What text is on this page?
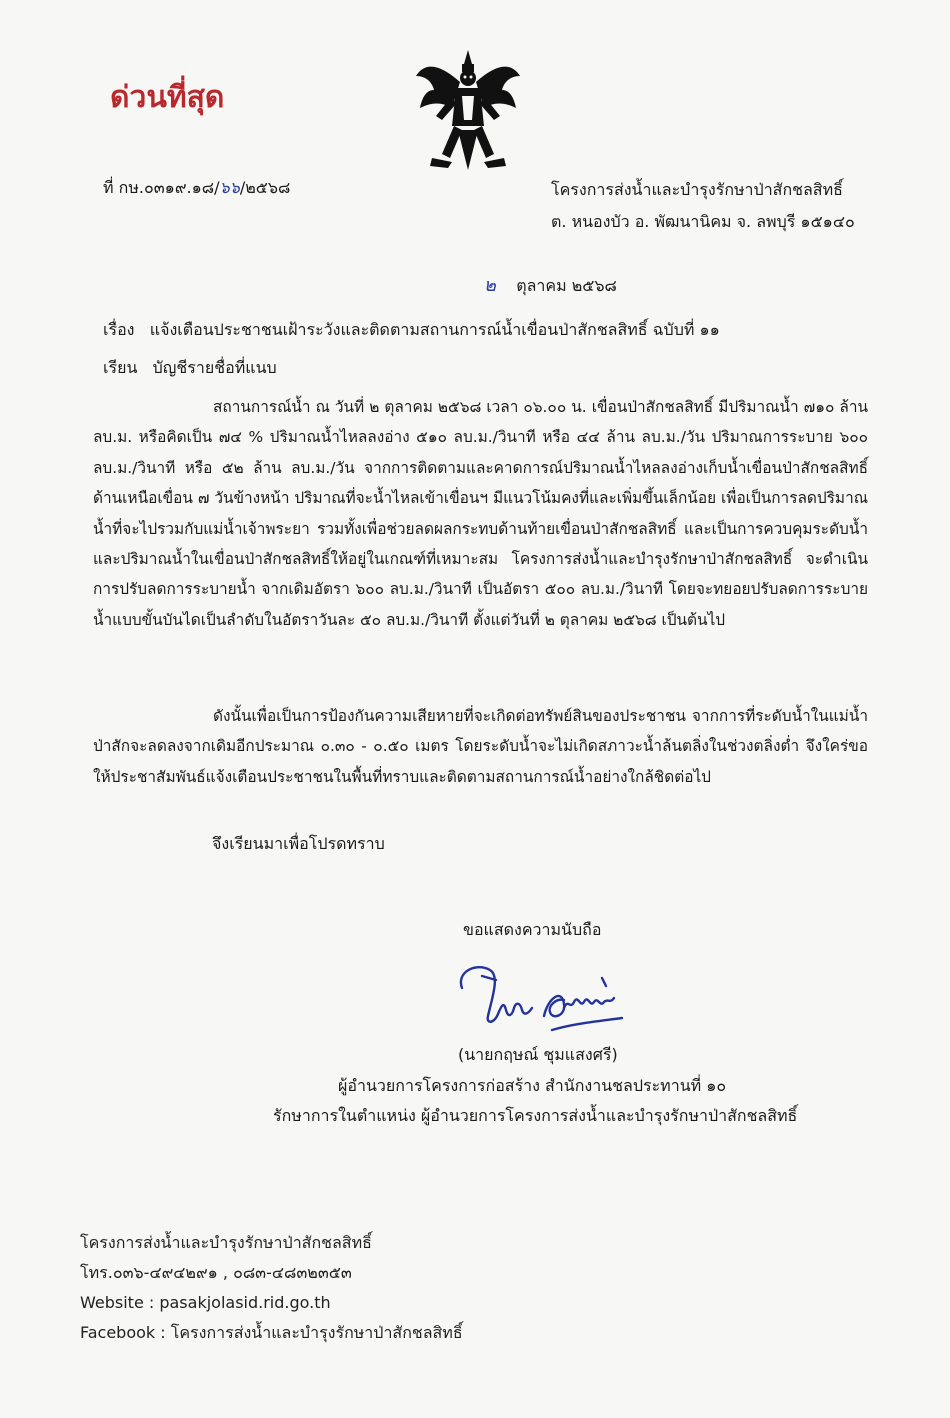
ด่วนที่สุด
ที่ กษ.๐๓๑๙.๑๘/๖๖/๒๕๖๘	โครงการส่งน้ำและบำรุงรักษาป่าสักชลสิทธิ์
ต. หนองบัว อ. พัฒนานิคม จ. ลพบุรี ๑๕๑๔๐
๒ ตุลาคม ๒๕๖๘
เรื่อง แจ้งเตือนประชาชนเฝ้าระวังและติดตามสถานการณ์น้ำเขื่อนป่าสักชลสิทธิ์ ฉบับที่ ๑๑
เรียน บัญชีรายชื่อที่แนบ

สถานการณ์น้ำ ณ วันที่ ๒ ตุลาคม ๒๕๖๘ เวลา ๐๖.๐๐ น. เขื่อนป่าสักชลสิทธิ์ มีปริมาณน้ำ ๗๑๐ ล้าน ลบ.ม. หรือคิดเป็น ๗๔ % ปริมาณน้ำไหลลงอ่าง ๕๑๐ ลบ.ม./วินาที หรือ ๔๔ ล้าน ลบ.ม./วัน ปริมาณการระบาย ๖๐๐ ลบ.ม./วินาที หรือ ๕๒ ล้าน ลบ.ม./วัน จากการติดตามและคาดการณ์ปริมาณน้ำไหลลงอ่างเก็บน้ำเขื่อนป่าสักชลสิทธิ์ ด้านเหนือเขื่อน ๗ วันข้างหน้า ปริมาณที่จะน้ำไหลเข้าเขื่อนฯ มีแนวโน้มคงที่และเพิ่มขึ้นเล็กน้อย เพื่อเป็นการลดปริมาณน้ำที่จะไปรวมกับแม่น้ำเจ้าพระยา รวมทั้งเพื่อช่วยลดผลกระทบด้านท้ายเขื่อนป่าสักชลสิทธิ์ และเป็นการควบคุมระดับน้ำและปริมาณน้ำในเขื่อนป่าสักชลสิทธิ์ให้อยู่ในเกณฑ์ที่เหมาะสม โครงการส่งน้ำและบำรุงรักษาป่าสักชลสิทธิ์ จะดำเนินการปรับลดการระบายน้ำ จากเดิมอัตรา ๖๐๐ ลบ.ม./วินาที เป็นอัตรา ๕๐๐ ลบ.ม./วินาที โดยจะทยอยปรับลดการระบายน้ำแบบขั้นบันไดเป็นลำดับในอัตราวันละ ๕๐ ลบ.ม./วินาที ตั้งแต่วันที่ ๒ ตุลาคม ๒๕๖๘ เป็นต้นไป

ดังนั้นเพื่อเป็นการป้องกันความเสียหายที่จะเกิดต่อทรัพย์สินของประชาชน จากการที่ระดับน้ำในแม่น้ำป่าสักจะลดลงจากเดิมอีกประมาณ ๐.๓๐ - ๐.๕๐ เมตร โดยระดับน้ำจะไม่เกิดสภาวะน้ำล้นตลิ่งในช่วงตลิ่งต่ำ จึงใคร่ขอให้ประชาสัมพันธ์แจ้งเตือนประชาชนในพื้นที่ทราบและติดตามสถานการณ์น้ำอย่างใกล้ชิดต่อไป

จึงเรียนมาเพื่อโปรดทราบ
ขอแสดงความนับถือ
(นายกฤษณ์ ชุมแสงศรี)
ผู้อำนวยการโครงการก่อสร้าง สำนักงานชลประทานที่ ๑๐
รักษาการในตำแหน่ง ผู้อำนวยการโครงการส่งน้ำและบำรุงรักษาป่าสักชลสิทธิ์
โครงการส่งน้ำและบำรุงรักษาป่าสักชลสิทธิ์
โทร.๐๓๖-๔๙๔๒๙๑ , ๐๘๓-๔๘๓๒๓๕๓
Website : pasakjolasid.rid.go.th
Facebook : โครงการส่งน้ำและบำรุงรักษาป่าสักชลสิทธิ์
